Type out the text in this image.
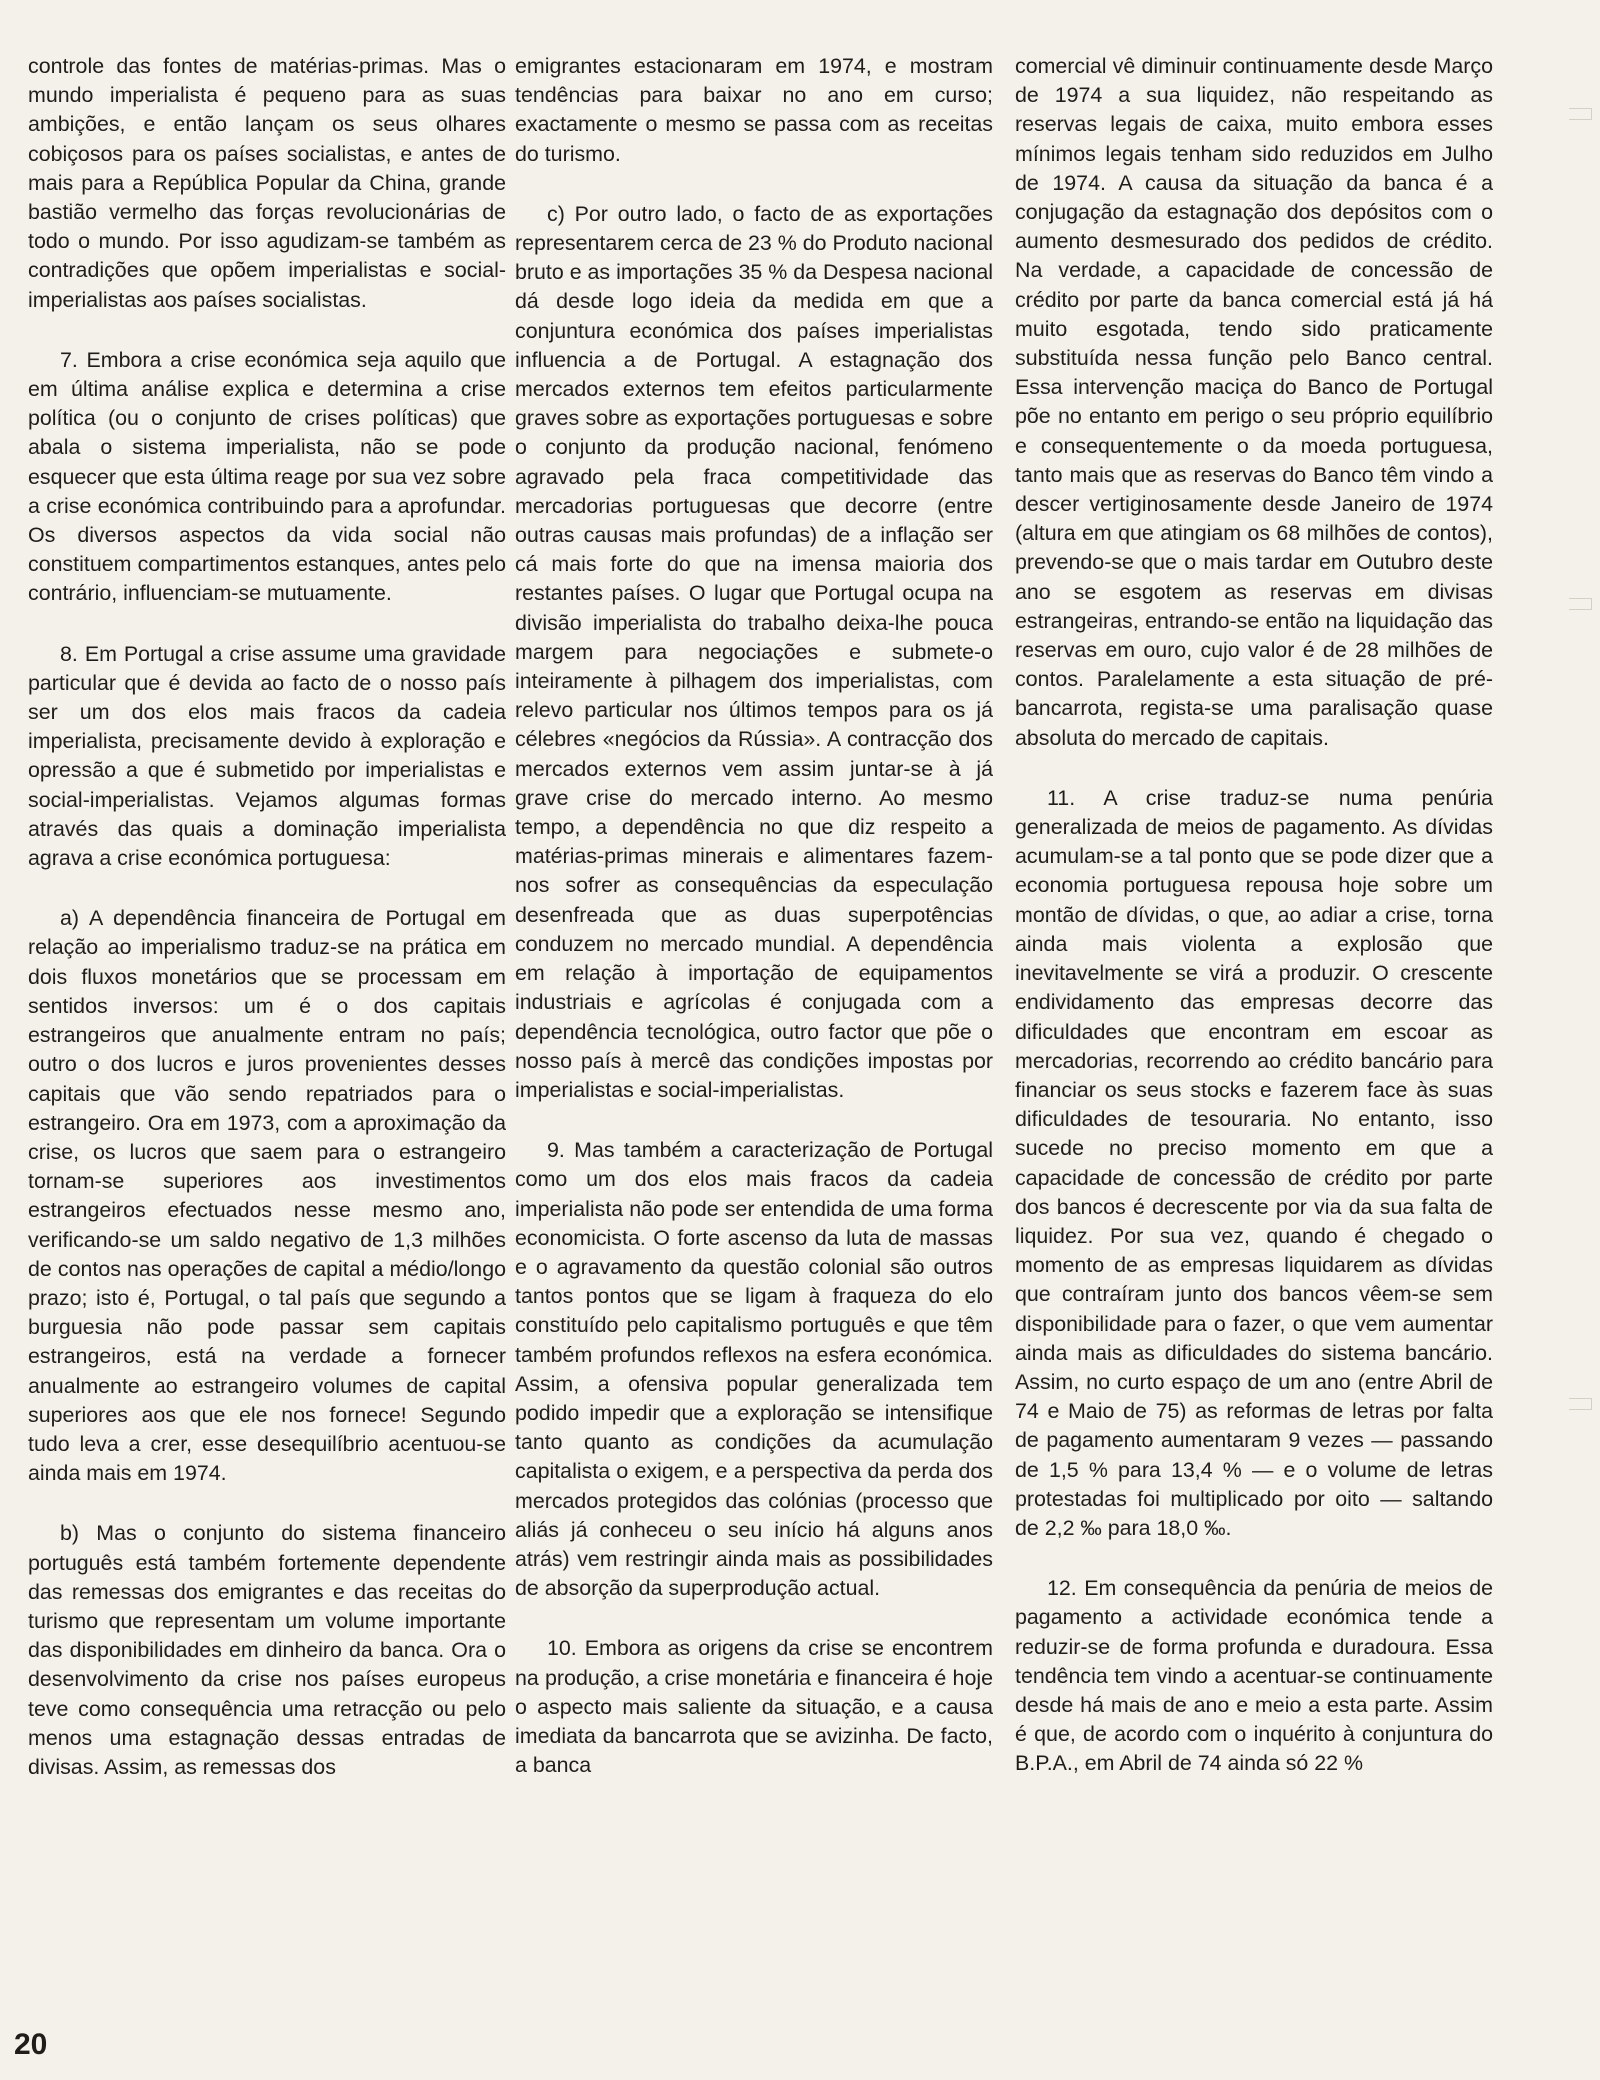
controle das fontes de matérias-primas. Mas o mundo imperialista é pequeno para as suas ambições, e então lançam os seus olhares cobiçosos para os países socialistas, e antes de mais para a República Popular da China, grande bastião vermelho das forças revolucionárias de todo o mundo. Por isso agudizam-se também as contradições que opõem imperialistas e social-imperialistas aos países socialistas.

7. Embora a crise económica seja aquilo que em última análise explica e determina a crise política (ou o conjunto de crises políticas) que abala o sistema imperialista, não se pode esquecer que esta última reage por sua vez sobre a crise económica contribuindo para a aprofundar. Os diversos aspectos da vida social não constituem compartimentos estanques, antes pelo contrário, influenciam-se mutuamente.

8. Em Portugal a crise assume uma gravidade particular que é devida ao facto de o nosso país ser um dos elos mais fracos da cadeia imperialista, precisamente devido à exploração e opressão a que é submetido por imperialistas e social-imperialistas. Vejamos algumas formas através das quais a dominação imperialista agrava a crise económica portuguesa:

a) A dependência financeira de Portugal em relação ao imperialismo traduz-se na prática em dois fluxos monetários que se processam em sentidos inversos: um é o dos capitais estrangeiros que anualmente entram no país; outro o dos lucros e juros provenientes desses capitais que vão sendo repatriados para o estrangeiro. Ora em 1973, com a aproximação da crise, os lucros que saem para o estrangeiro tornam-se superiores aos investimentos estrangeiros efectuados nesse mesmo ano, verificando-se um saldo negativo de 1,3 milhões de contos nas operações de capital a médio/longo prazo; isto é, Portugal, o tal país que segundo a burguesia não pode passar sem capitais estrangeiros, está na verdade a fornecer anualmente ao estrangeiro volumes de capital superiores aos que ele nos fornece! Segundo tudo leva a crer, esse desequilíbrio acentuou-se ainda mais em 1974.

b) Mas o conjunto do sistema financeiro português está também fortemente dependente das remessas dos emigrantes e das receitas do turismo que representam um volume importante das disponibilidades em dinheiro da banca. Ora o desenvolvimento da crise nos países europeus teve como consequência uma retracção ou pelo menos uma estagnação dessas entradas de divisas. Assim, as remessas dos

emigrantes estacionaram em 1974, e mostram tendências para baixar no ano em curso; exactamente o mesmo se passa com as receitas do turismo.

c) Por outro lado, o facto de as exportações representarem cerca de 23 % do Produto nacional bruto e as importações 35 % da Despesa nacional dá desde logo ideia da medida em que a conjuntura económica dos países imperialistas influencia a de Portugal. A estagnação dos mercados externos tem efeitos particularmente graves sobre as exportações portuguesas e sobre o conjunto da produção nacional, fenómeno agravado pela fraca competitividade das mercadorias portuguesas que decorre (entre outras causas mais profundas) de a inflação ser cá mais forte do que na imensa maioria dos restantes países. O lugar que Portugal ocupa na divisão imperialista do trabalho deixa-lhe pouca margem para negociações e submete-o inteiramente à pilhagem dos imperialistas, com relevo particular nos últimos tempos para os já célebres «negócios da Rússia». A contracção dos mercados externos vem assim juntar-se à já grave crise do mercado interno. Ao mesmo tempo, a dependência no que diz respeito a matérias-primas minerais e alimentares fazem-nos sofrer as consequências da especulação desenfreada que as duas superpotências conduzem no mercado mundial. A dependência em relação à importação de equipamentos industriais e agrícolas é conjugada com a dependência tecnológica, outro factor que põe o nosso país à mercê das condições impostas por imperialistas e social-imperialistas.

9. Mas também a caracterização de Portugal como um dos elos mais fracos da cadeia imperialista não pode ser entendida de uma forma economicista. O forte ascenso da luta de massas e o agravamento da questão colonial são outros tantos pontos que se ligam à fraqueza do elo constituído pelo capitalismo português e que têm também profundos reflexos na esfera económica. Assim, a ofensiva popular generalizada tem podido impedir que a exploração se intensifique tanto quanto as condições da acumulação capitalista o exigem, e a perspectiva da perda dos mercados protegidos das colónias (processo que aliás já conheceu o seu início há alguns anos atrás) vem restringir ainda mais as possibilidades de absorção da superprodução actual.

10. Embora as origens da crise se encontrem na produção, a crise monetária e financeira é hoje o aspecto mais saliente da situação, e a causa imediata da bancarrota que se avizinha. De facto, a banca

comercial vê diminuir continuamente desde Março de 1974 a sua liquidez, não respeitando as reservas legais de caixa, muito embora esses mínimos legais tenham sido reduzidos em Julho de 1974. A causa da situação da banca é a conjugação da estagnação dos depósitos com o aumento desmesurado dos pedidos de crédito. Na verdade, a capacidade de concessão de crédito por parte da banca comercial está já há muito esgotada, tendo sido praticamente substituída nessa função pelo Banco central. Essa intervenção maciça do Banco de Portugal põe no entanto em perigo o seu próprio equilíbrio e consequentemente o da moeda portuguesa, tanto mais que as reservas do Banco têm vindo a descer vertiginosamente desde Janeiro de 1974 (altura em que atingiam os 68 milhões de contos), prevendo-se que o mais tardar em Outubro deste ano se esgotem as reservas em divisas estrangeiras, entrando-se então na liquidação das reservas em ouro, cujo valor é de 28 milhões de contos. Paralelamente a esta situação de pré-bancarrota, regista-se uma paralisação quase absoluta do mercado de capitais.

11. A crise traduz-se numa penúria generalizada de meios de pagamento. As dívidas acumulam-se a tal ponto que se pode dizer que a economia portuguesa repousa hoje sobre um montão de dívidas, o que, ao adiar a crise, torna ainda mais violenta a explosão que inevitavelmente se virá a produzir. O crescente endividamento das empresas decorre das dificuldades que encontram em escoar as mercadorias, recorrendo ao crédito bancário para financiar os seus stocks e fazerem face às suas dificuldades de tesouraria. No entanto, isso sucede no preciso momento em que a capacidade de concessão de crédito por parte dos bancos é decrescente por via da sua falta de liquidez. Por sua vez, quando é chegado o momento de as empresas liquidarem as dívidas que contraíram junto dos bancos vêem-se sem disponibilidade para o fazer, o que vem aumentar ainda mais as dificuldades do sistema bancário. Assim, no curto espaço de um ano (entre Abril de 74 e Maio de 75) as reformas de letras por falta de pagamento aumentaram 9 vezes — passando de 1,5 % para 13,4 % — e o volume de letras protestadas foi multiplicado por oito — saltando de 2,2 ‰ para 18,0 ‰.

12. Em consequência da penúria de meios de pagamento a actividade económica tende a reduzir-se de forma profunda e duradoura. Essa tendência tem vindo a acentuar-se continuamente desde há mais de ano e meio a esta parte. Assim é que, de acordo com o inquérito à conjuntura do B.P.A., em Abril de 74 ainda só 22 %

20
